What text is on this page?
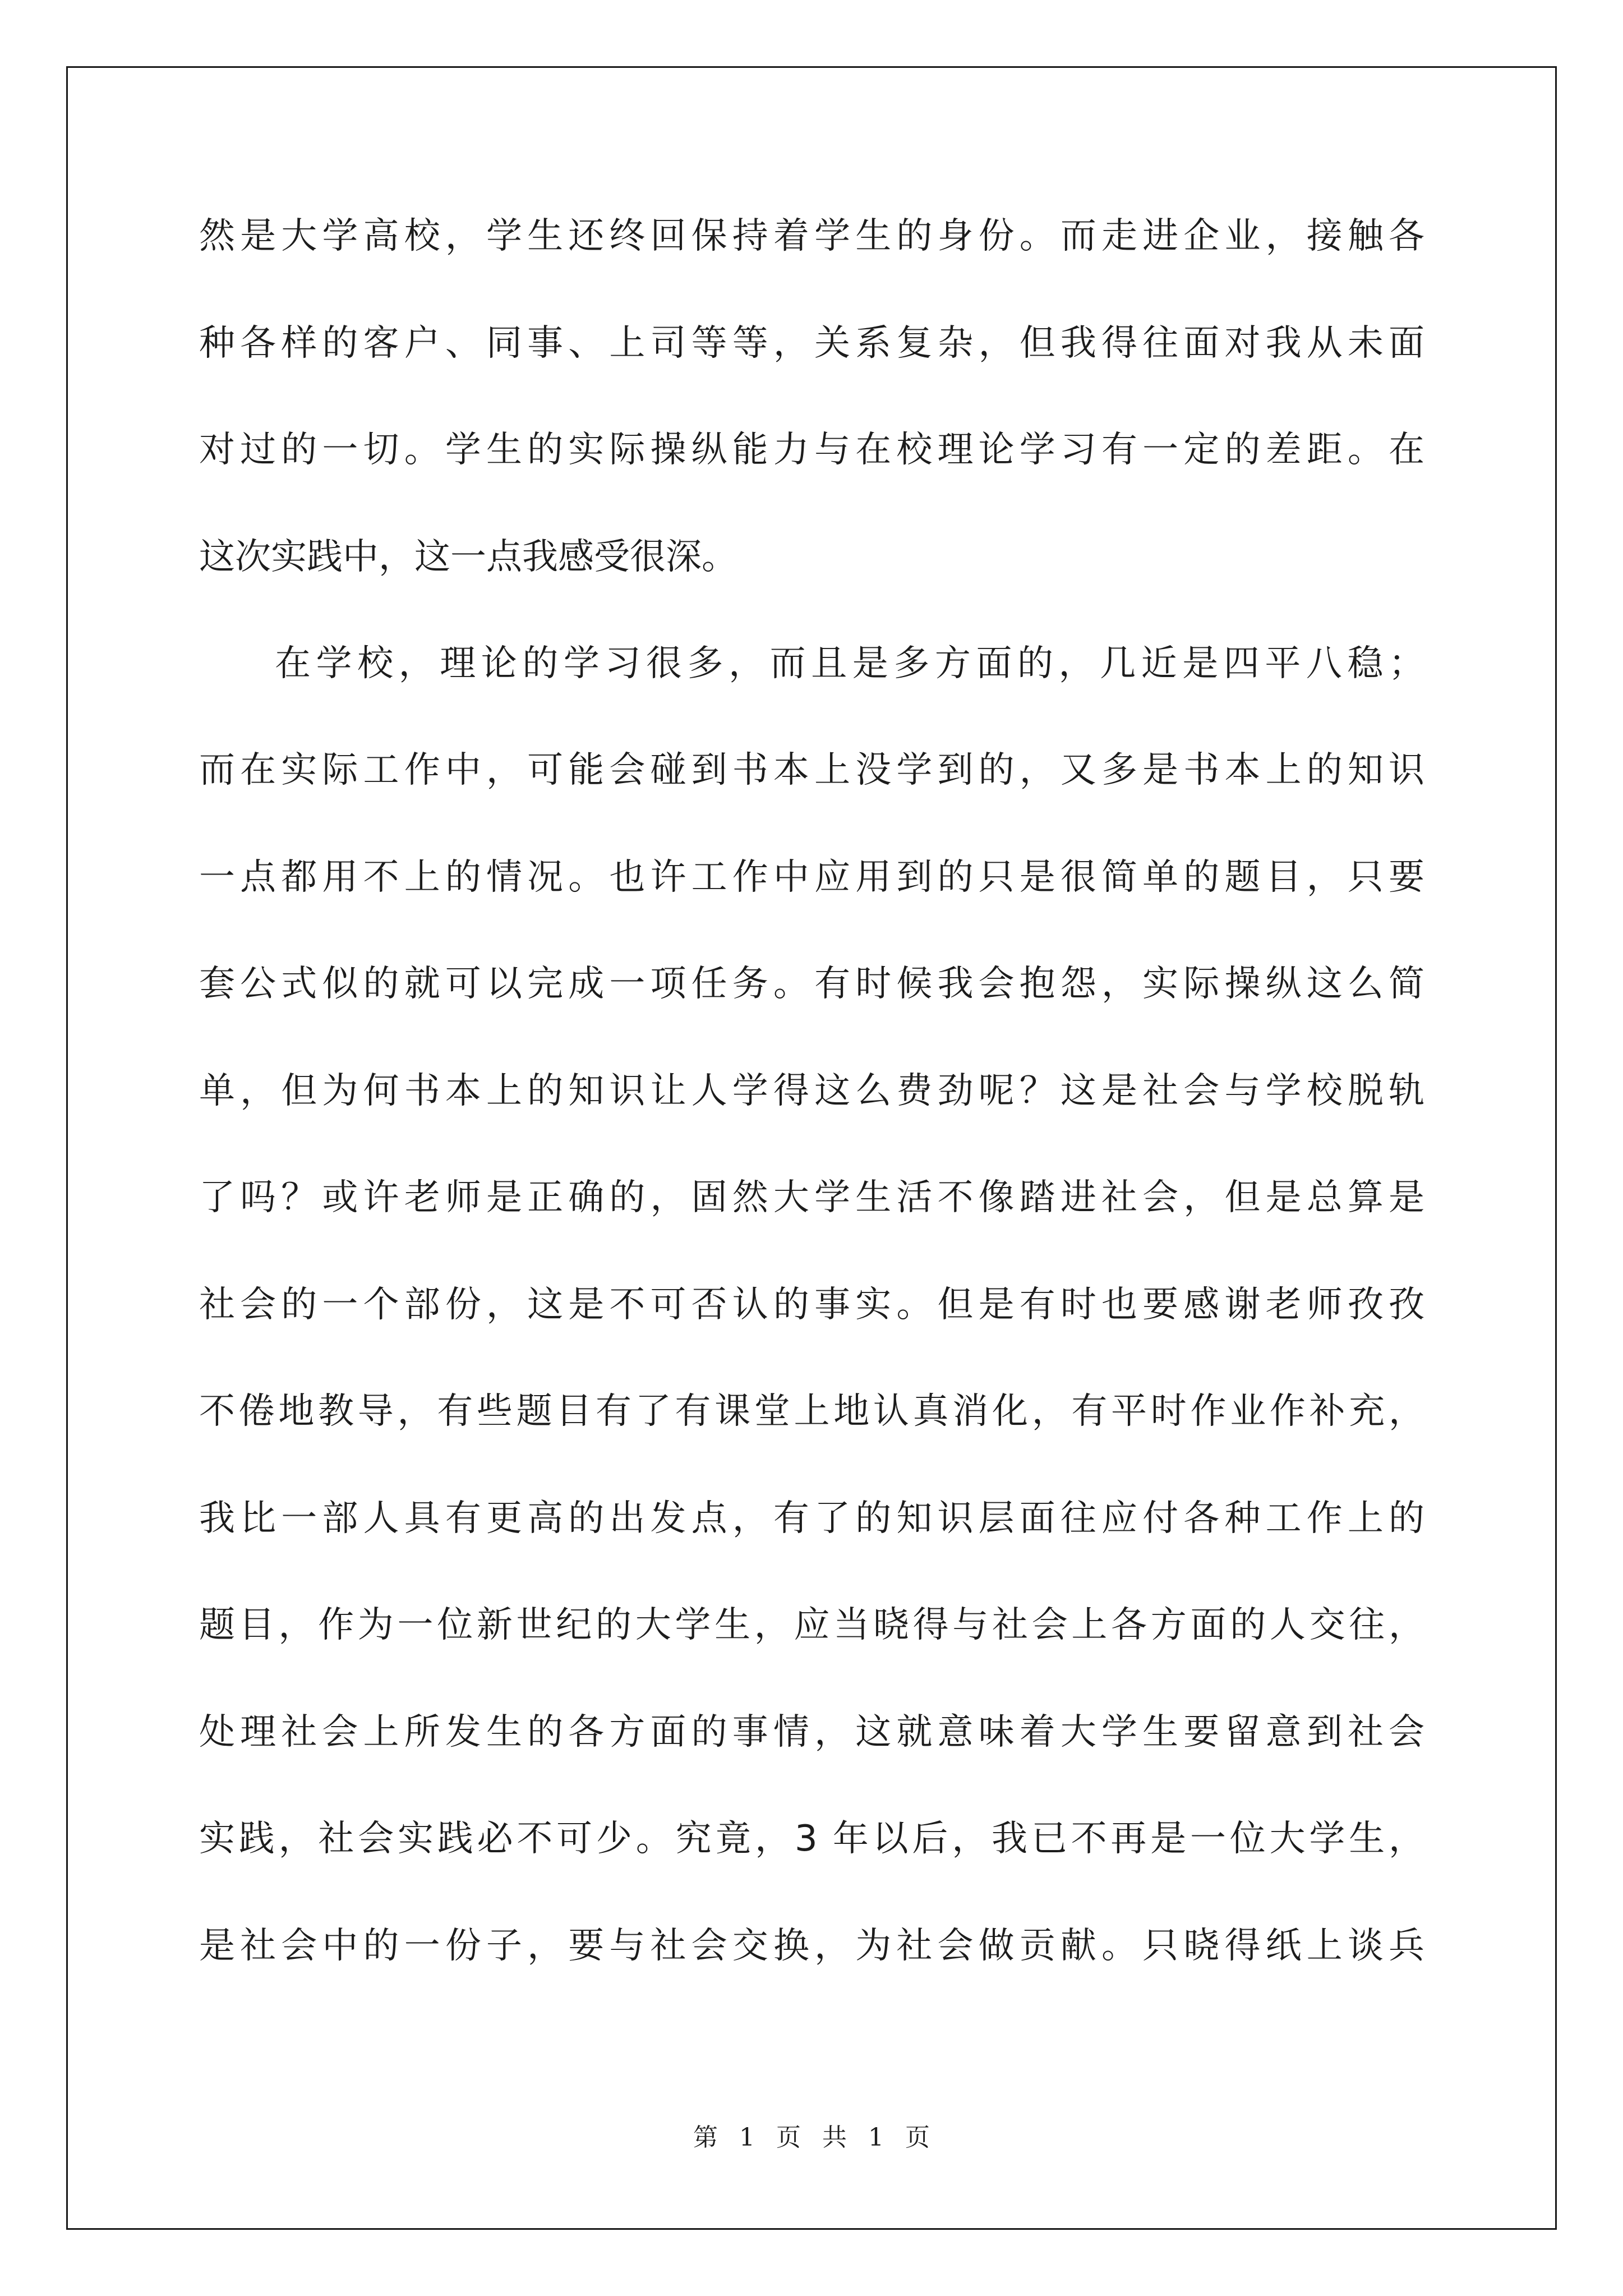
然是大学高校，学生还终回保持着学生的身份。而走进企业，接触各

种各样的客户、同事、上司等等，关系复杂，但我得往面对我从未面

对过的一切。学生的实际操纵能力与在校理论学习有一定的差距。在

这次实践中，这一点我感受很深。

在学校，理论的学习很多，而且是多方面的，几近是四平八稳；

而在实际工作中，可能会碰到书本上没学到的，又多是书本上的知识

一点都用不上的情况。也许工作中应用到的只是很简单的题目，只要

套公式似的就可以完成一项任务。有时候我会抱怨，实际操纵这么简

单，但为何书本上的知识让人学得这么费劲呢？这是社会与学校脱轨

了吗？或许老师是正确的，固然大学生活不像踏进社会，但是总算是

社会的一个部份，这是不可否认的事实。但是有时也要感谢老师孜孜

不倦地教导，有些题目有了有课堂上地认真消化，有平时作业作补充，

我比一部人具有更高的出发点，有了的知识层面往应付各种工作上的

题目，作为一位新世纪的大学生，应当晓得与社会上各方面的人交往，

处理社会上所发生的各方面的事情，这就意味着大学生要留意到社会

实践，社会实践必不可少。究竟，3 年以后，我已不再是一位大学生，

是社会中的一份子，要与社会交换，为社会做贡献。只晓得纸上谈兵

第 1 页 共 1 页
